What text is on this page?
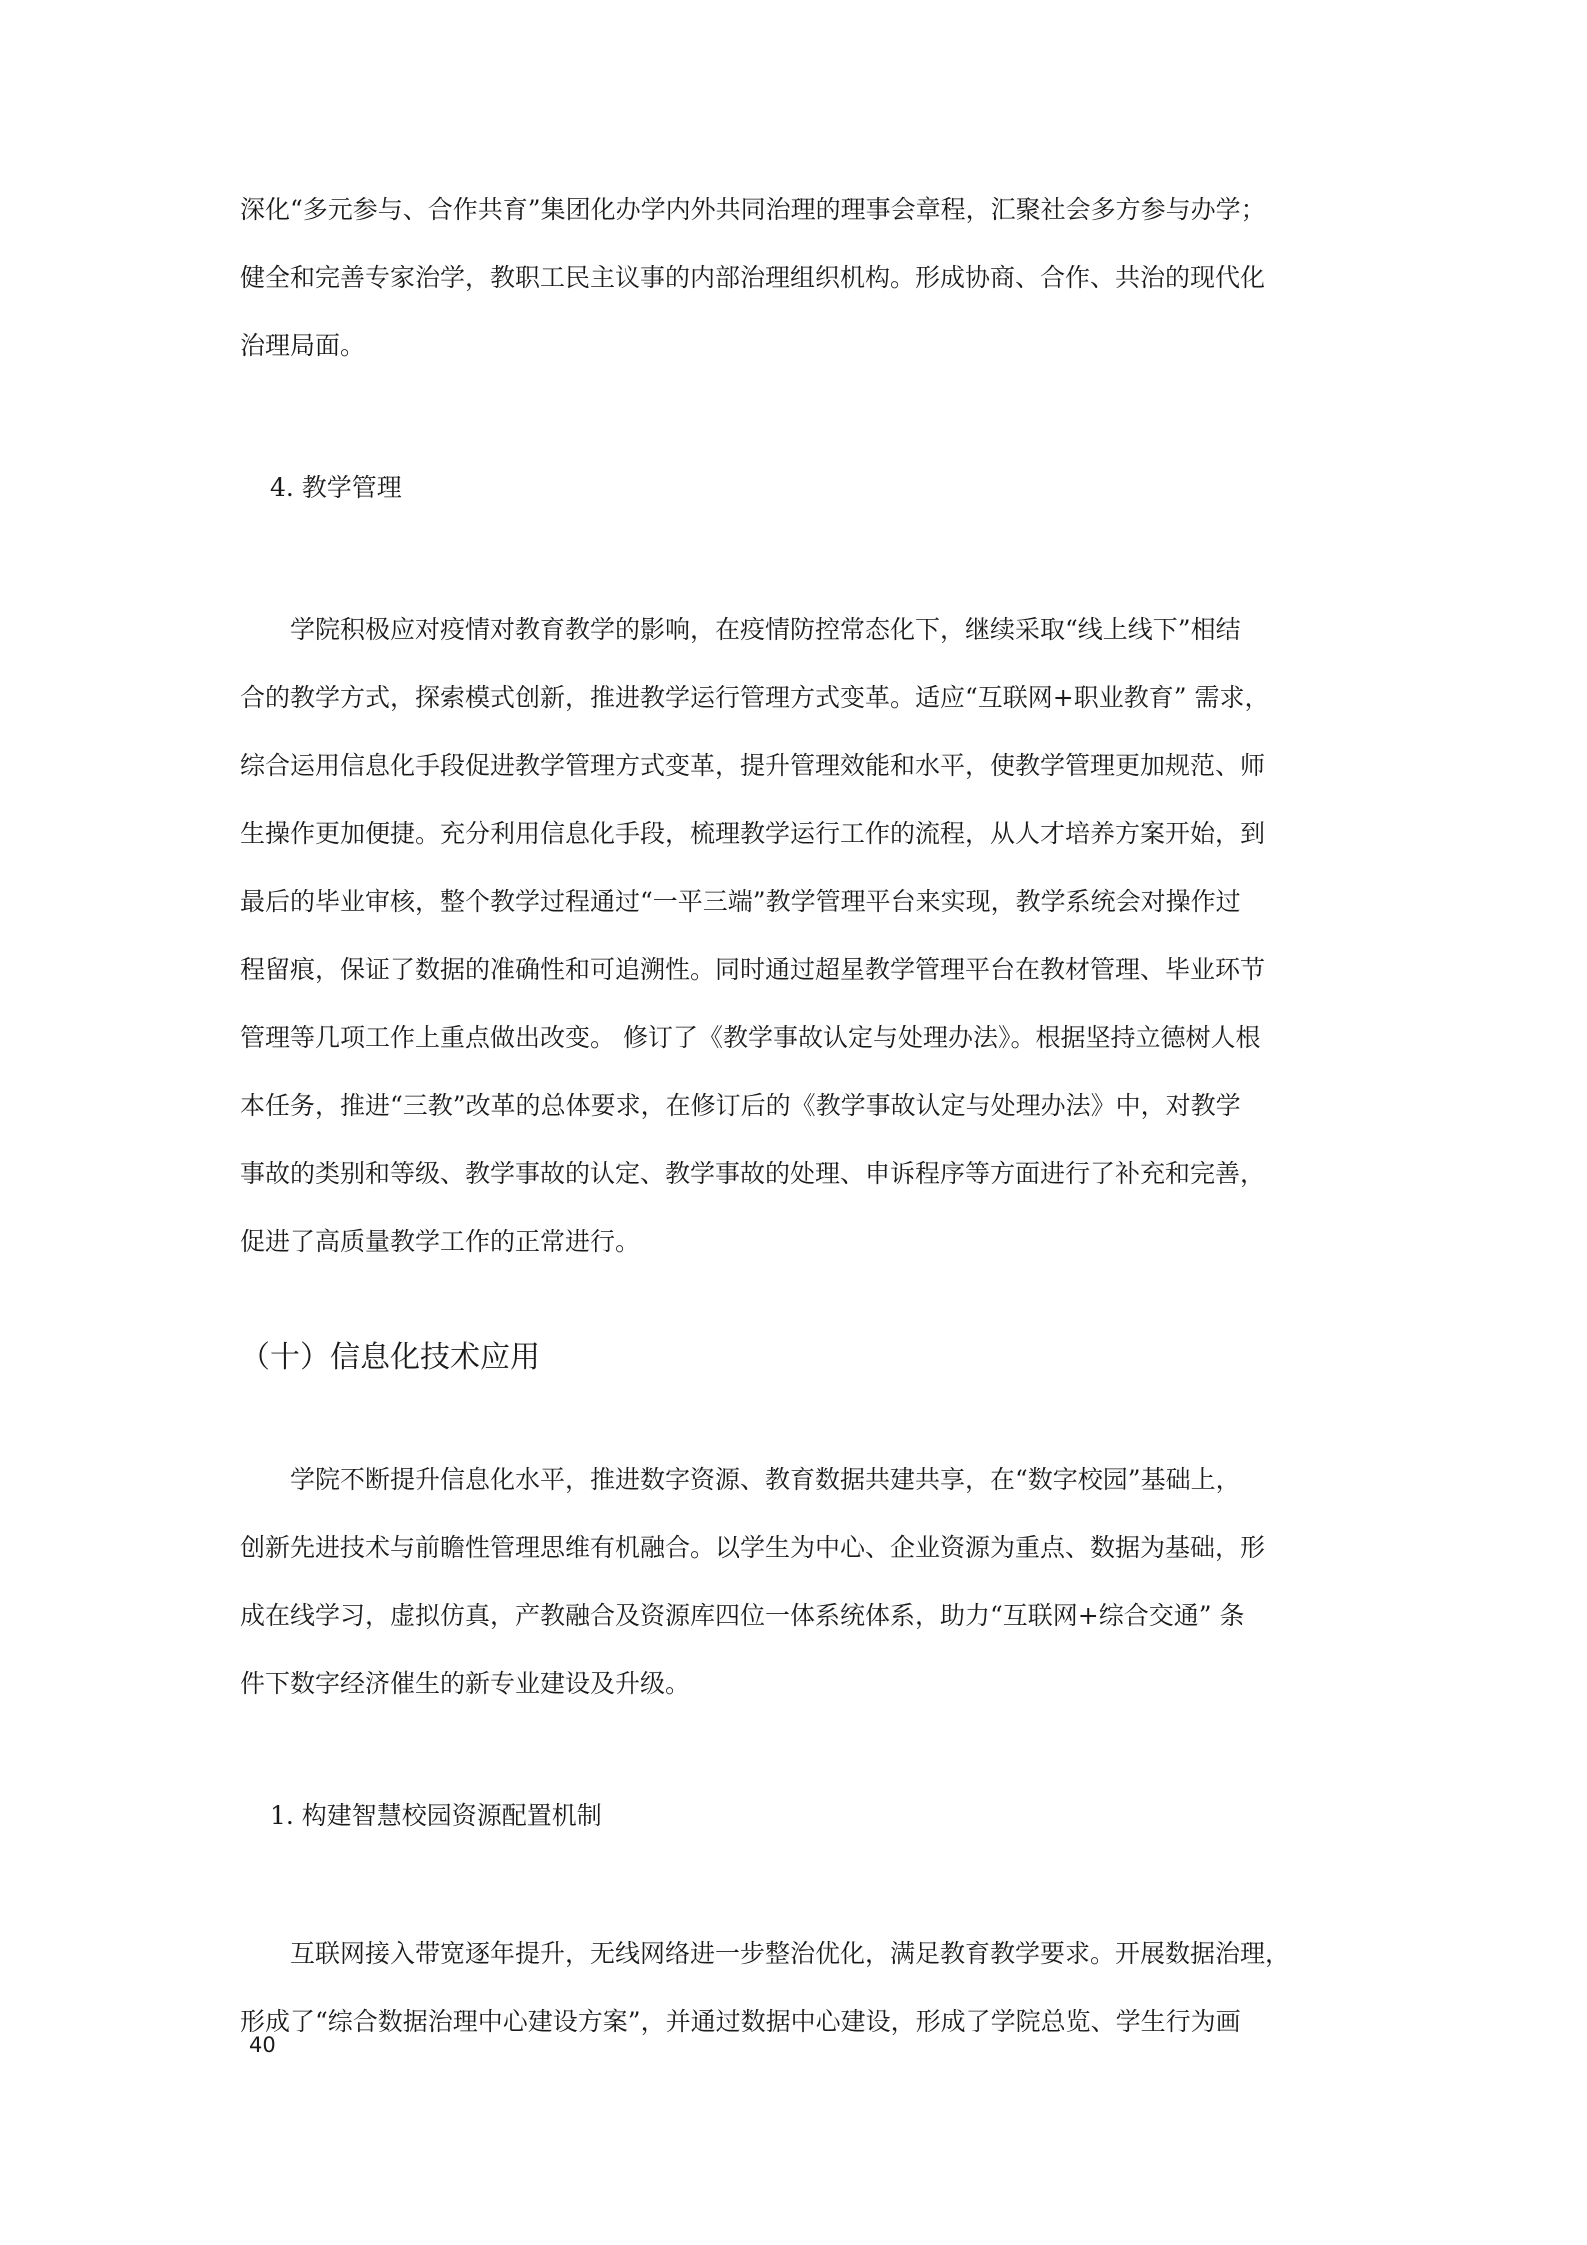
深化“多元参与、合作共育”集团化办学内外共同治理的理事会章程，汇聚社会多方参与办学；
健全和完善专家治学，教职工民主议事的内部治理组织机构。形成协商、合作、共治的现代化
治理局面。
4. 教学管理
学院积极应对疫情对教育教学的影响，在疫情防控常态化下，继续采取“线上线下”相结
合的教学方式，探索模式创新，推进教学运行管理方式变革。适应“互联网+职业教育” 需求，
综合运用信息化手段促进教学管理方式变革，提升管理效能和水平，使教学管理更加规范、师
生操作更加便捷。充分利用信息化手段，梳理教学运行工作的流程，从人才培养方案开始，到
最后的毕业审核，整个教学过程通过“一平三端”教学管理平台来实现，教学系统会对操作过
程留痕，保证了数据的准确性和可追溯性。同时通过超星教学管理平台在教材管理、毕业环节
管理等几项工作上重点做出改变。 修订了《教学事故认定与处理办法》。根据坚持立德树人根
本任务，推进“三教”改革的总体要求，在修订后的《教学事故认定与处理办法》中，对教学
事故的类别和等级、教学事故的认定、教学事故的处理、申诉程序等方面进行了补充和完善，
促进了高质量教学工作的正常进行。
（十）信息化技术应用
学院不断提升信息化水平，推进数字资源、教育数据共建共享，在“数字校园”基础上，
创新先进技术与前瞻性管理思维有机融合。以学生为中心、企业资源为重点、数据为基础，形
成在线学习，虚拟仿真，产教融合及资源库四位一体系统体系，助力“互联网+综合交通” 条
件下数字经济催生的新专业建设及升级。
1. 构建智慧校园资源配置机制
互联网接入带宽逐年提升，无线网络进一步整治优化，满足教育教学要求。开展数据治理，
形成了“综合数据治理中心建设方案”，并通过数据中心建设，形成了学院总览、学生行为画
40
